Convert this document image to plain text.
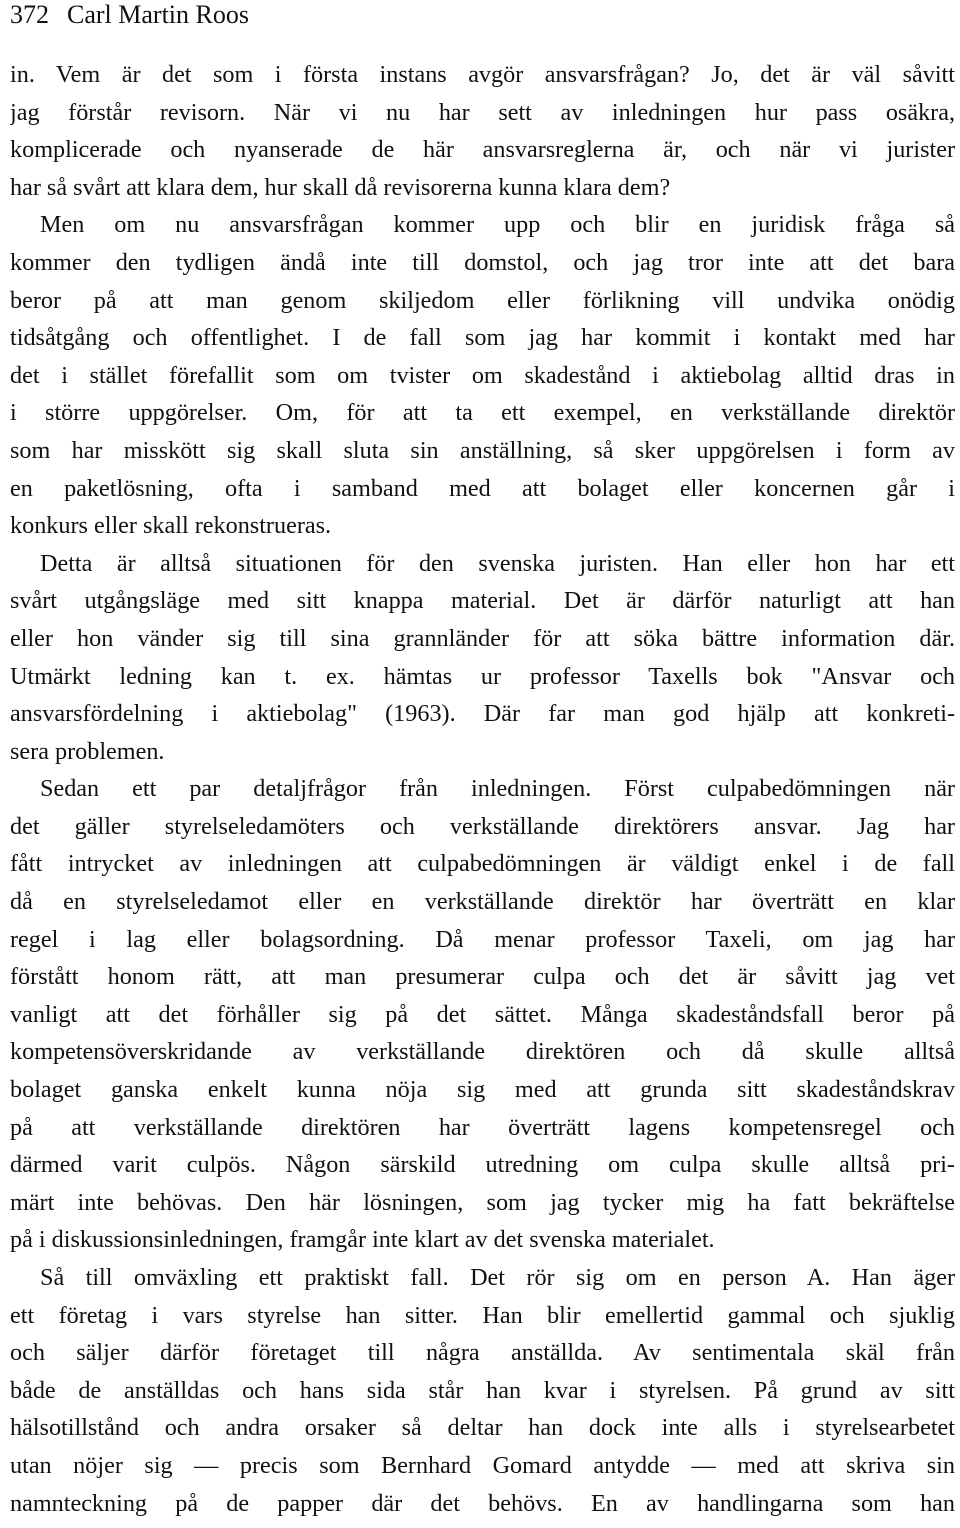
372 Carl Martin Roos
in. Vem är det som i första instans avgör ansvarsfrågan? Jo, det är väl såvitt
jag förstår revisorn. När vi nu har sett av inledningen hur pass osäkra,
komplicerade och nyanserade de här ansvarsreglerna är, och när vi jurister
har så svårt att klara dem, hur skall då revisorerna kunna klara dem?
Men om nu ansvarsfrågan kommer upp och blir en juridisk fråga så
kommer den tydligen ändå inte till domstol, och jag tror inte att det bara
beror på att man genom skiljedom eller förlikning vill undvika onödig
tidsåtgång och offentlighet. I de fall som jag har kommit i kontakt med har
det i stället förefallit som om tvister om skadestånd i aktiebolag alltid dras in
i större uppgörelser. Om, för att ta ett exempel, en verkställande direktör
som har misskött sig skall sluta sin anställning, så sker uppgörelsen i form av
en paketlösning, ofta i samband med att bolaget eller koncernen går i
konkurs eller skall rekonstrueras.
Detta är alltså situationen för den svenska juristen. Han eller hon har ett
svårt utgångsläge med sitt knappa material. Det är därför naturligt att han
eller hon vänder sig till sina grannländer för att söka bättre information där.
Utmärkt ledning kan t. ex. hämtas ur professor Taxells bok "Ansvar och
ansvarsfördelning i aktiebolag" (1963). Där far man god hjälp att konkreti-
sera problemen.
Sedan ett par detaljfrågor från inledningen. Först culpabedömningen när
det gäller styrelseledamöters och verkställande direktörers ansvar. Jag har
fått intrycket av inledningen att culpabedömningen är väldigt enkel i de fall
då en styrelseledamot eller en verkställande direktör har överträtt en klar
regel i lag eller bolagsordning. Då menar professor Taxeli, om jag har
förstått honom rätt, att man presumerar culpa och det är såvitt jag vet
vanligt att det förhåller sig på det sättet. Många skadeståndsfall beror på
kompetensöverskridande av verkställande direktören och då skulle alltså
bolaget ganska enkelt kunna nöja sig med att grunda sitt skadeståndskrav
på att verkställande direktören har överträtt lagens kompetensregel och
därmed varit culpös. Någon särskild utredning om culpa skulle alltså pri-
märt inte behövas. Den här lösningen, som jag tycker mig ha fatt bekräftelse
på i diskussionsinledningen, framgår inte klart av det svenska materialet.
Så till omväxling ett praktiskt fall. Det rör sig om en person A. Han äger
ett företag i vars styrelse han sitter. Han blir emellertid gammal och sjuklig
och säljer därför företaget till några anställda. Av sentimentala skäl från
både de anställdas och hans sida står han kvar i styrelsen. På grund av sitt
hälsotillstånd och andra orsaker så deltar han dock inte alls i styrelsearbetet
utan nöjer sig — precis som Bernhard Gomard antydde — med att skriva sin
namnteckning på de papper där det behövs. En av handlingarna som han
